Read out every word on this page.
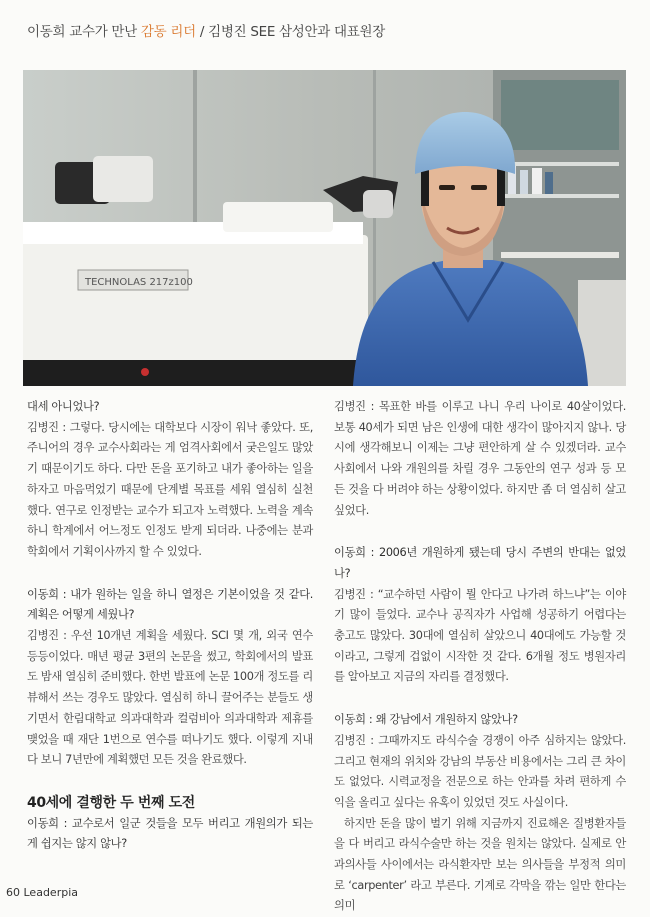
이동희 교수가 만난 감동 리더 / 김병진 SEE 삼성안과 대표원장
TECHNOLAS 217z100

대세 아니었나?

김병진 : 그렇다. 당시에는 대학보다 시장이 워낙 좋았다. 또, 주니어의 경우 교수사회라는 게 엄격사회에서 궂은일도 많았기 때문이기도 하다. 다만 돈을 포기하고 내가 좋아하는 일을 하자고 마음먹었기 때문에 단계별 목표를 세워 열심히 실천했다. 연구로 인정받는 교수가 되고자 노력했다. 노력을 계속하니 학계에서 어느정도 인정도 받게 되더라. 나중에는 분과학회에서 기획이사까지 할 수 있었다.

이동희 : 내가 원하는 일을 하니 열정은 기본이었을 것 같다. 계획은 어떻게 세웠나?

김병진 : 우선 10개년 계획을 세웠다. SCI 몇 개, 외국 연수 등등이었다. 매년 평균 3편의 논문을 썼고, 학회에서의 발표도 밤새 열심히 준비했다. 한번 발표에 논문 100개 정도를 리뷰해서 쓰는 경우도 많았다. 열심히 하니 끌어주는 분들도 생기면서 한림대학교 의과대학과 컬럼비아 의과대학과 제휴를 맺었을 때 재단 1번으로 연수를 떠나기도 했다. 이렇게 지내다 보니 7년만에 계획했던 모든 것을 완료했다.

40세에 결행한 두 번째 도전

이동희 : 교수로서 일군 것들을 모두 버리고 개원의가 되는 게 쉽지는 않지 않나?

김병진 : 목표한 바를 이루고 나니 우리 나이로 40살이었다. 보통 40세가 되면 남은 인생에 대한 생각이 많아지지 않나. 당시에 생각해보니 이제는 그냥 편안하게 살 수 있겠더라. 교수사회에서 나와 개원의를 차릴 경우 그동안의 연구 성과 등 모든 것을 다 버려야 하는 상황이었다. 하지만 좀 더 열심히 살고 싶었다.

이동희 : 2006년 개원하게 됐는데 당시 주변의 반대는 없었나?

김병진 : “교수하던 사람이 뭘 안다고 나가려 하느냐”는 이야기 많이 들었다. 교수나 공직자가 사업해 성공하기 어렵다는 충고도 많았다. 30대에 열심히 살았으니 40대에도 가능할 것이라고, 그렇게 겁없이 시작한 것 같다. 6개월 정도 병원자리를 알아보고 지금의 자리를 결정했다.

이동희 : 왜 강남에서 개원하지 않았나?

김병진 : 그때까지도 라식수술 경쟁이 아주 심하지는 않았다. 그리고 현재의 위치와 강남의 부동산 비용에서는 그리 큰 차이도 없었다. 시력교정을 전문으로 하는 안과를 차려 편하게 수익을 올리고 싶다는 유혹이 있었던 것도 사실이다.

하지만 돈을 많이 벌기 위해 지금까지 진료해온 질병환자들을 다 버리고 라식수술만 하는 것을 원치는 않았다. 실제로 안과의사들 사이에서는 라식환자만 보는 의사들을 부정적 의미로 ‘carpenter’ 라고 부른다. 기계로 각막을 깎는 일만 한다는 의미

60 Leaderpia
